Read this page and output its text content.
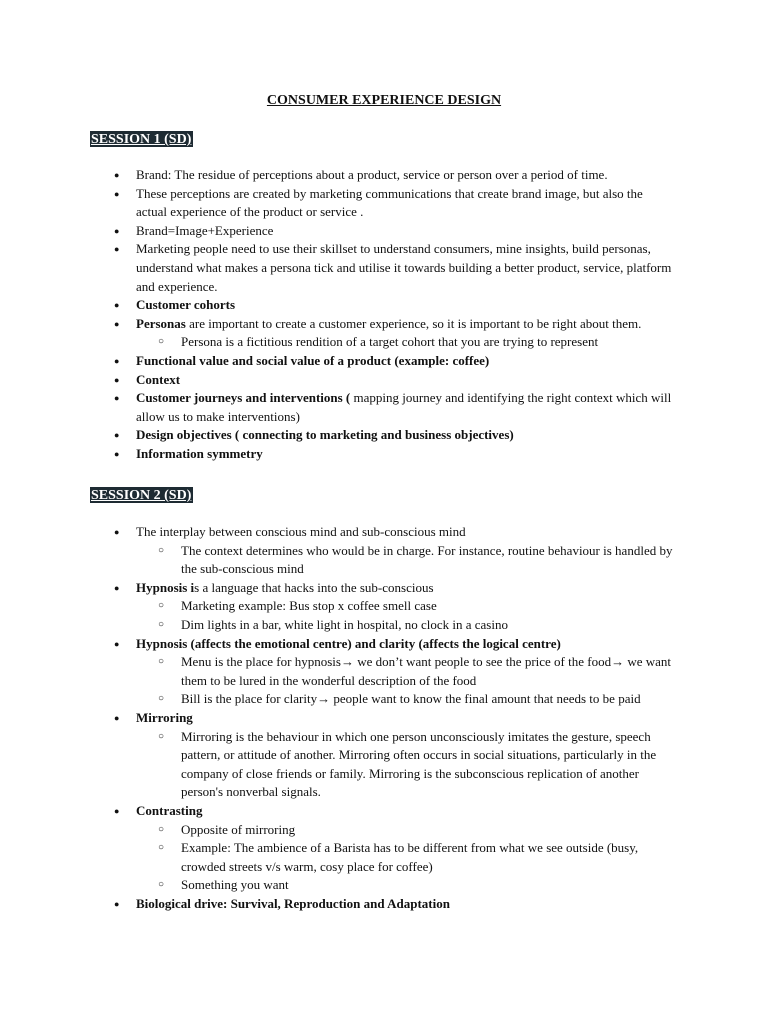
CONSUMER EXPERIENCE DESIGN
SESSION 1 (SD)
● Brand: The residue of perceptions about a product, service or person over a period of time.
● These perceptions are created by marketing communications that create brand image, but also the actual experience of the product or service .
● Brand=Image+Experience
● Marketing people need to use their skillset to understand consumers, mine insights, build personas, understand what makes a persona tick and utilise it towards building a better product, service, platform and experience.
● Customer cohorts
● Personas are important to create a customer experience, so it is important to be right about them.
○ Persona is a fictitious rendition of a target cohort that you are trying to represent
● Functional value and social value of a product (example: coffee)
● Context
● Customer journeys and interventions ( mapping journey and identifying the right context which will allow us to make interventions)
● Design objectives ( connecting to marketing and business objectives)
● Information symmetry
SESSION 2 (SD)
● The interplay between conscious mind and sub-conscious mind
○ The context determines who would be in charge. For instance, routine behaviour is handled by the sub-conscious mind
● Hypnosis is a language that hacks into the sub-conscious
○ Marketing example: Bus stop x coffee smell case
○ Dim lights in a bar, white light in hospital, no clock in a casino
● Hypnosis (affects the emotional centre) and clarity (affects the logical centre)
○ Menu is the place for hypnosis→ we don’t want people to see the price of the food→ we want them to be lured in the wonderful description of the food
○ Bill is the place for clarity→ people want to know the final amount that needs to be paid
● Mirroring
○ Mirroring is the behaviour in which one person unconsciously imitates the gesture, speech pattern, or attitude of another. Mirroring often occurs in social situations, particularly in the company of close friends or family. Mirroring is the subconscious replication of another person's nonverbal signals.
● Contrasting
○ Opposite of mirroring
○ Example: The ambience of a Barista has to be different from what we see outside (busy, crowded streets v/s warm, cosy place for coffee)
○ Something you want
● Biological drive: Survival, Reproduction and Adaptation
